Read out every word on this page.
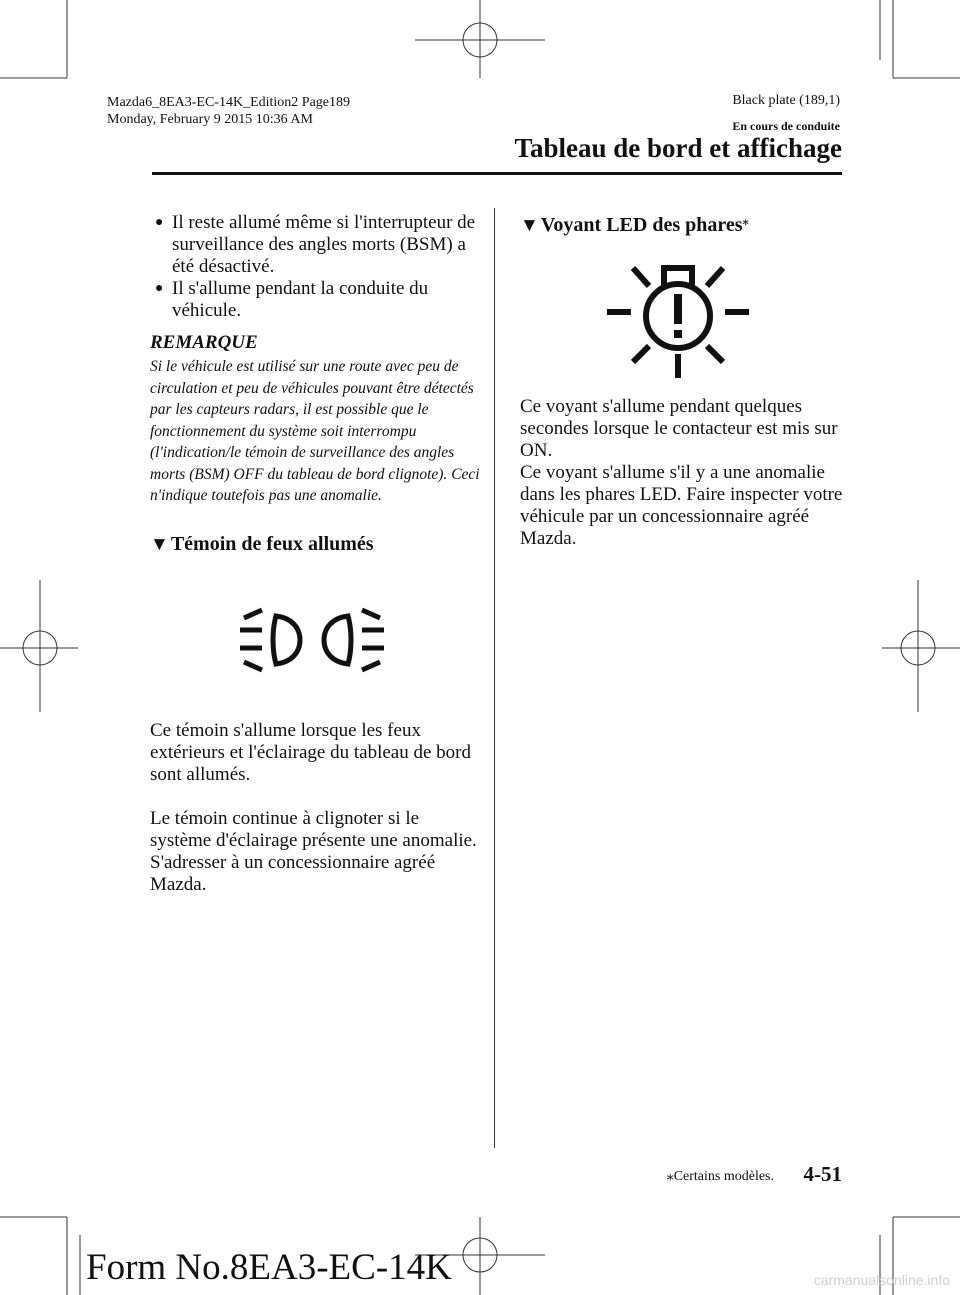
Mazda6_8EA3-EC-14K_Edition2 Page189
Monday, February 9 2015 10:36 AM
Black plate (189,1)
En cours de conduite
Tableau de bord et affichage
● Il reste allumé même si l'interrupteur de surveillance des angles morts (BSM) a été désactivé.
● Il s'allume pendant la conduite du véhicule.
REMARQUE
Si le véhicule est utilisé sur une route avec peu de circulation et peu de véhicules pouvant être détectés par les capteurs radars, il est possible que le fonctionnement du système soit interrompu (l'indication/le témoin de surveillance des angles morts (BSM) OFF du tableau de bord clignote). Ceci n'indique toutefois pas une anomalie.
▼ Témoin de feux allumés
Ce témoin s'allume lorsque les feux extérieurs et l'éclairage du tableau de bord sont allumés.
Le témoin continue à clignoter si le système d'éclairage présente une anomalie. S'adresser à un concessionnaire agréé Mazda.
▼ Voyant LED des phares⁎
Ce voyant s'allume pendant quelques secondes lorsque le contacteur est mis sur ON.
Ce voyant s'allume s'il y a une anomalie dans les phares LED. Faire inspecter votre véhicule par un concessionnaire agréé Mazda.
⁎Certains modèles.	4-51
Form No.8EA3-EC-14K	carmanualsonline.info
